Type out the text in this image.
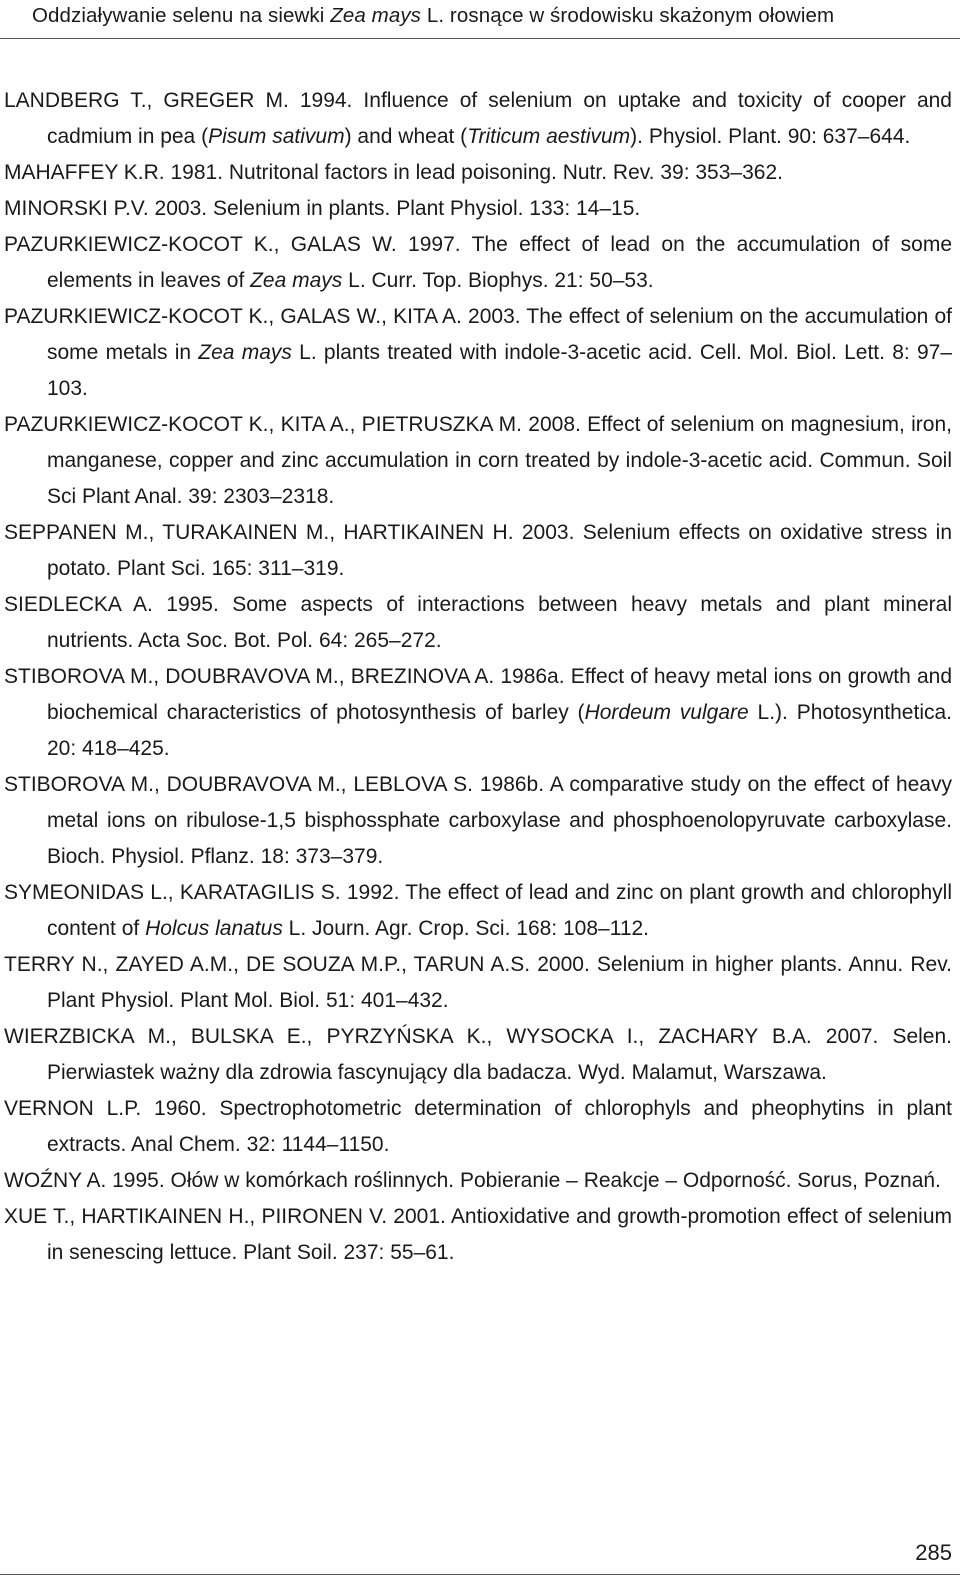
Oddziaływanie selenu na siewki Zea mays L. rosnące w środowisku skażonym ołowiem

LANDBERG T., GREGER M. 1994. Influence of selenium on uptake and toxicity of cooper and cadmium in pea (Pisum sativum) and wheat (Triticum aestivum). Physiol. Plant. 90: 637–644.

MAHAFFEY K.R. 1981. Nutritonal factors in lead poisoning. Nutr. Rev. 39: 353–362.

MINORSKI P.V. 2003. Selenium in plants. Plant Physiol. 133: 14–15.

PAZURKIEWICZ-KOCOT K., GALAS W. 1997. The effect of lead on the accumulation of some elements in leaves of Zea mays L. Curr. Top. Biophys. 21: 50–53.

PAZURKIEWICZ-KOCOT K., GALAS W., KITA A. 2003. The effect of selenium on the accumulation of some metals in Zea mays L. plants treated with indole-3-acetic acid. Cell. Mol. Biol. Lett. 8: 97–103.

PAZURKIEWICZ-KOCOT K., KITA A., PIETRUSZKA M. 2008. Effect of selenium on magnesium, iron, manganese, copper and zinc accumulation in corn treated by indole-3-acetic acid. Commun. Soil Sci Plant Anal. 39: 2303–2318.

SEPPANEN M., TURAKAINEN M., HARTIKAINEN H. 2003. Selenium effects on oxidative stress in potato. Plant Sci. 165: 311–319.

SIEDLECKA A. 1995. Some aspects of interactions between heavy metals and plant mineral nutrients. Acta Soc. Bot. Pol. 64: 265–272.

STIBOROVA M., DOUBRAVOVA M., BREZINOVA A. 1986a. Effect of heavy metal ions on growth and biochemical characteristics of photosynthesis of barley (Hordeum vulgare L.). Photosynthetica. 20: 418–425.

STIBOROVA M., DOUBRAVOVA M., LEBLOVA S. 1986b. A comparative study on the effect of heavy metal ions on ribulose-1,5 bisphossphate carboxylase and phosphoenolopyruvate carboxylase. Bioch. Physiol. Pflanz. 18: 373–379.

SYMEONIDAS L., KARATAGILIS S. 1992. The effect of lead and zinc on plant growth and chlorophyll content of Holcus lanatus L. Journ. Agr. Crop. Sci. 168: 108–112.

TERRY N., ZAYED A.M., DE SOUZA M.P., TARUN A.S. 2000. Selenium in higher plants. Annu. Rev. Plant Physiol. Plant Mol. Biol. 51: 401–432.

WIERZBICKA M., BULSKA E., PYRZYŃSKA K., WYSOCKA I., ZACHARY B.A. 2007. Selen. Pierwiastek ważny dla zdrowia fascynujący dla badacza. Wyd. Malamut, Warszawa.

VERNON L.P. 1960. Spectrophotometric determination of chlorophyls and pheophytins in plant extracts. Anal Chem. 32: 1144–1150.

WOŹNY A. 1995. Ołów w komórkach roślinnych. Pobieranie – Reakcje – Odporność. Sorus, Poznań.

XUE T., HARTIKAINEN H., PIIRONEN V. 2001. Antioxidative and growth-promotion effect of selenium in senescing lettuce. Plant Soil. 237: 55–61.

285
